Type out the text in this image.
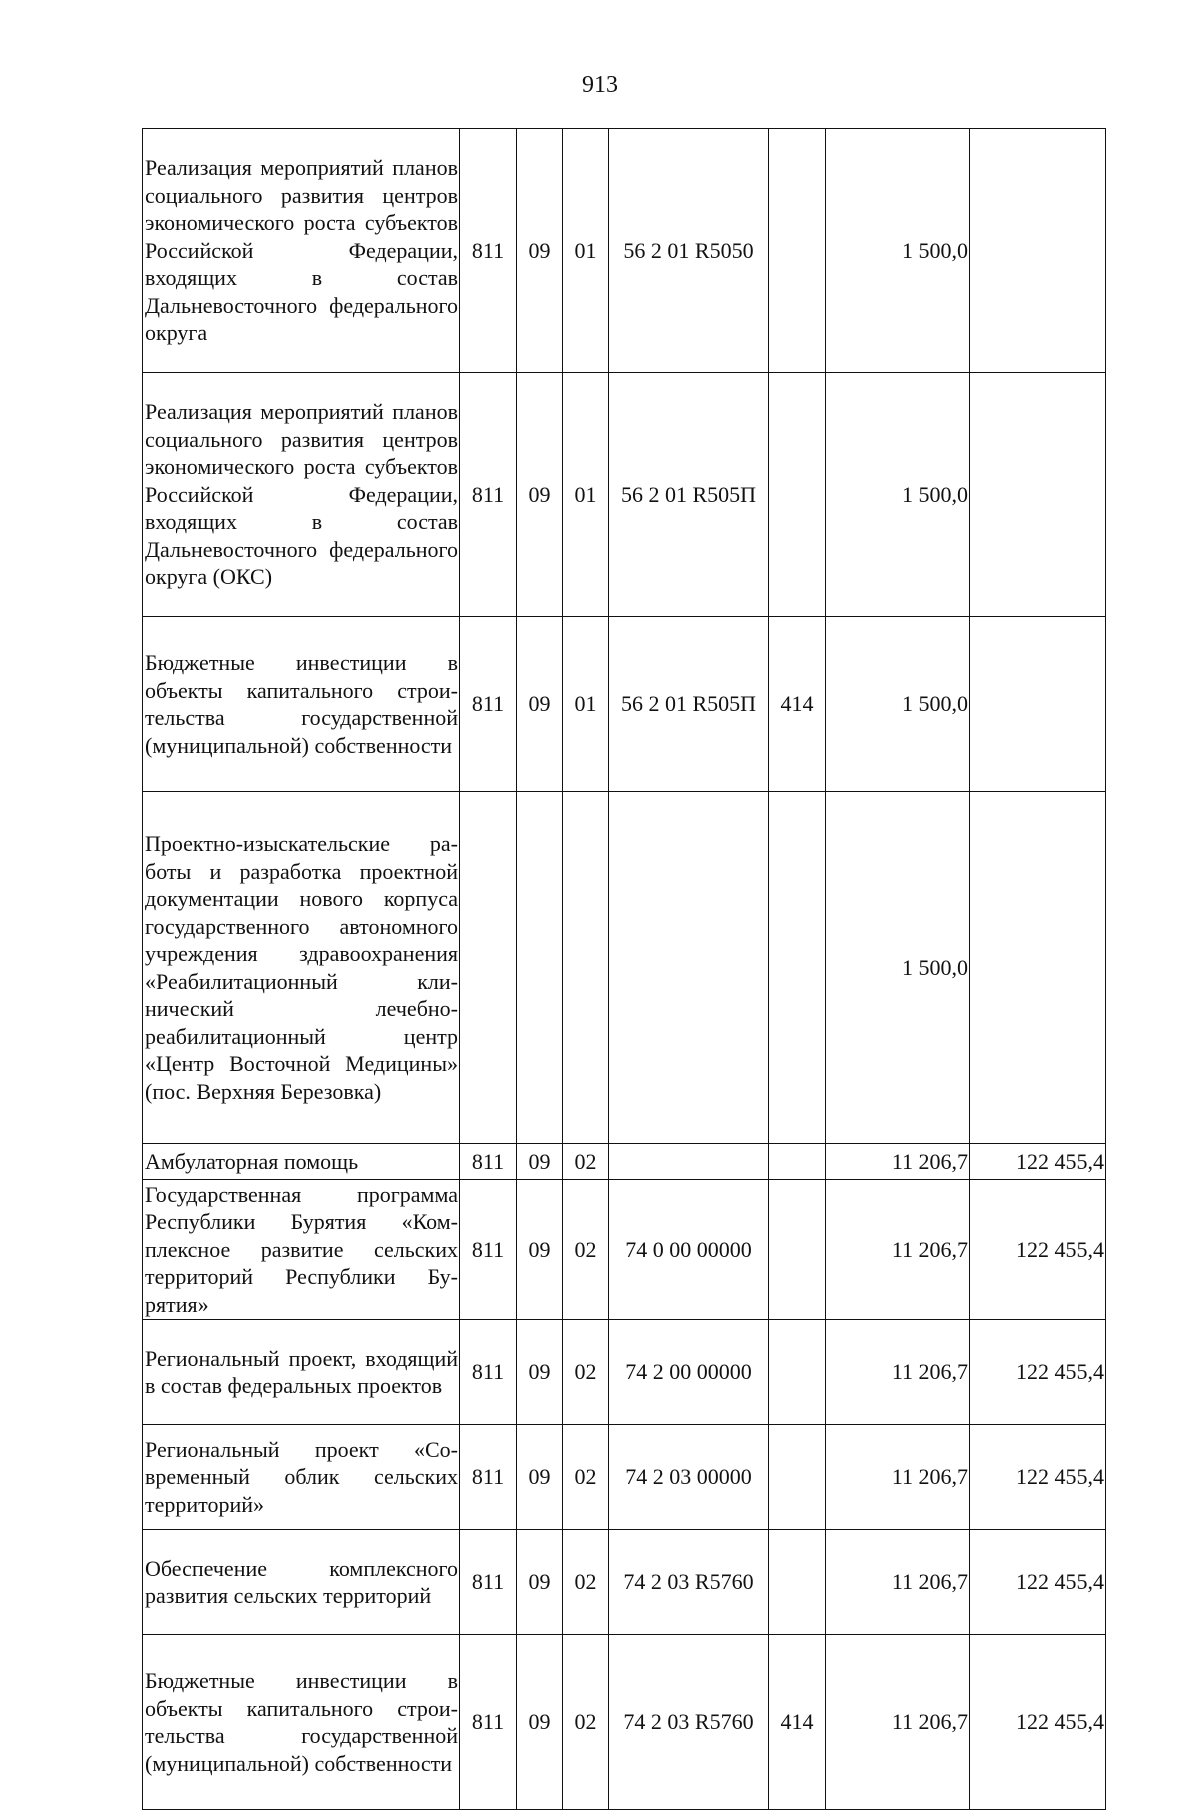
913
Реализация мероприятий планов социального развития центров экономического роста субъектов Российской Федерации, входящих в состав Дальневосточного федерального округа	811	09	01	56 2 01 R5050		1 500,0	
Реализация мероприятий планов социального развития центров экономического роста субъектов Российской Федерации, входящих в состав Дальневосточного федерального округа (ОКС)	811	09	01	56 2 01 R505П		1 500,0	
Бюджетные инвестиции в объекты капитального строительства государственной (муниципальной) собственности	811	09	01	56 2 01 R505П	414	1 500,0	
Проектно-изыскательские работы и разработка проектной документации нового корпуса государственного автономного учреждения здравоохранения «Реабилитационный клинический лечебно-реабилитационный центр «Центр Восточной Медицины» (пос. Верхняя Березовка)						1 500,0	
Амбулаторная помощь	811	09	02			11 206,7	122 455,4
Государственная программа Республики Бурятия «Комплексное развитие сельских территорий Республики Бурятия»	811	09	02	74 0 00 00000		11 206,7	122 455,4
Региональный проект, входящий в состав федеральных проектов	811	09	02	74 2 00 00000		11 206,7	122 455,4
Региональный проект «Современный облик сельских территорий»	811	09	02	74 2 03 00000		11 206,7	122 455,4
Обеспечение комплексного развития сельских территорий	811	09	02	74 2 03 R5760		11 206,7	122 455,4
Бюджетные инвестиции в объекты капитального строительства государственной (муниципальной) собственности	811	09	02	74 2 03 R5760	414	11 206,7	122 455,4
